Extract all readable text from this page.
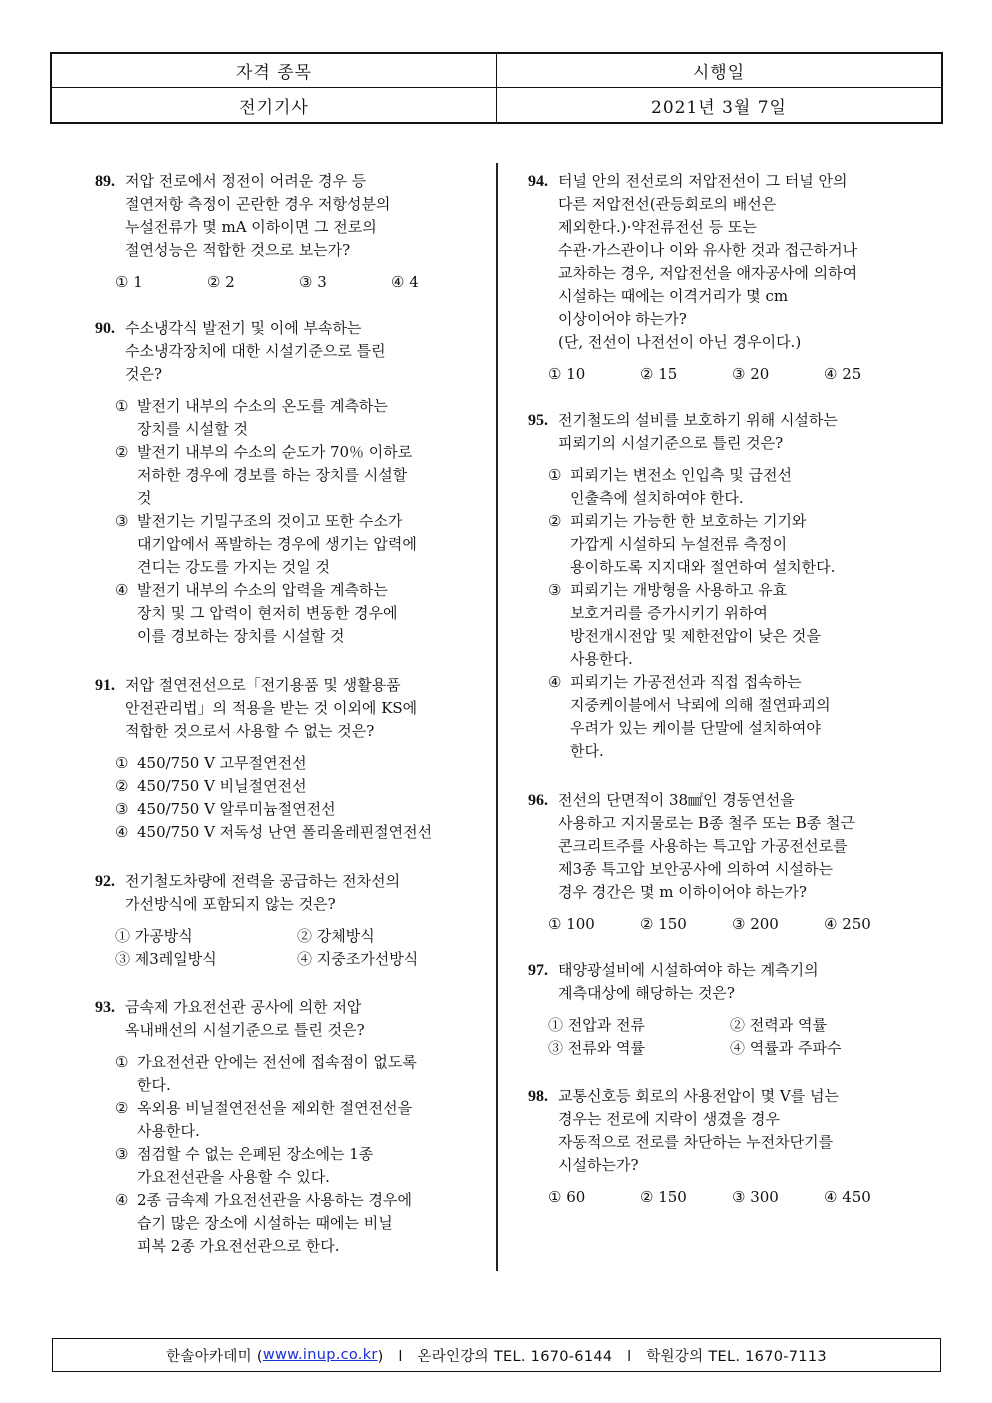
자격 종목	시행일
전기기사	2021년 3월 7일
89. 저압 전로에서 정전이 어려운 경우 등
절연저항 측정이 곤란한 경우 저항성분의
누설전류가 몇 mA 이하이면 그 전로의
절연성능은 적합한 것으로 보는가?
① 1	② 2	③ 3	④ 4
90. 수소냉각식 발전기 및 이에 부속하는
수소냉각장치에 대한 시설기준으로 틀린
것은?
① 발전기 내부의 수소의 온도를 계측하는
장치를 시설할 것
② 발전기 내부의 수소의 순도가 70％ 이하로
저하한 경우에 경보를 하는 장치를 시설할
것
③ 발전기는 기밀구조의 것이고 또한 수소가
대기압에서 폭발하는 경우에 생기는 압력에
견디는 강도를 가지는 것일 것
④ 발전기 내부의 수소의 압력을 계측하는
장치 및 그 압력이 현저히 변동한 경우에
이를 경보하는 장치를 시설할 것
91. 저압 절연전선으로「전기용품 및 생활용품
안전관리법」의 적용을 받는 것 이외에 KS에
적합한 것으로서 사용할 수 없는 것은?
① 450/750 V 고무절연전선
② 450/750 V 비닐절연전선
③ 450/750 V 알루미늄절연전선
④ 450/750 V 저독성 난연 폴리올레핀절연전선
92. 전기철도차량에 전력을 공급하는 전차선의
가선방식에 포함되지 않는 것은?
① 가공방식	② 강체방식
③ 제3레일방식	④ 지중조가선방식
93. 금속제 가요전선관 공사에 의한 저압
옥내배선의 시설기준으로 틀린 것은?
① 가요전선관 안에는 전선에 접속점이 없도록
한다.
② 옥외용 비닐절연전선을 제외한 절연전선을
사용한다.
③ 점검할 수 없는 은폐된 장소에는 1종
가요전선관을 사용할 수 있다.
④ 2종 금속제 가요전선관을 사용하는 경우에
습기 많은 장소에 시설하는 때에는 비닐
피복 2종 가요전선관으로 한다.
94. 터널 안의 전선로의 저압전선이 그 터널 안의
다른 저압전선(관등회로의 배선은
제외한다.)·약전류전선 등 또는
수관·가스관이나 이와 유사한 것과 접근하거나
교차하는 경우, 저압전선을 애자공사에 의하여
시설하는 때에는 이격거리가 몇 cm
이상이어야 하는가?
(단, 전선이 나전선이 아닌 경우이다.)
① 10	② 15	③ 20	④ 25
95. 전기철도의 설비를 보호하기 위해 시설하는
피뢰기의 시설기준으로 틀린 것은?
① 피뢰기는 변전소 인입측 및 급전선
인출측에 설치하여야 한다.
② 피뢰기는 가능한 한 보호하는 기기와
가깝게 시설하되 누설전류 측정이
용이하도록 지지대와 절연하여 설치한다.
③ 피뢰기는 개방형을 사용하고 유효
보호거리를 증가시키기 위하여
방전개시전압 및 제한전압이 낮은 것을
사용한다.
④ 피뢰기는 가공전선과 직접 접속하는
지중케이블에서 낙뢰에 의해 절연파괴의
우려가 있는 케이블 단말에 설치하여야
한다.
96. 전선의 단면적이 38㎟인 경동연선을
사용하고 지지물로는 B종 철주 또는 B종 철근
콘크리트주를 사용하는 특고압 가공전선로를
제3종 특고압 보안공사에 의하여 시설하는
경우 경간은 몇 m 이하이어야 하는가?
① 100	② 150	③ 200	④ 250
97. 태양광설비에 시설하여야 하는 계측기의
계측대상에 해당하는 것은?
① 전압과 전류	② 전력과 역률
③ 전류와 역률	④ 역률과 주파수
98. 교통신호등 회로의 사용전압이 몇 V를 넘는
경우는 전로에 지락이 생겼을 경우
자동적으로 전로를 차단하는 누전차단기를
시설하는가?
① 60	② 150	③ 300	④ 450
한솔아카데미 ( www.inup.co.kr )   l   온라인강의 TEL. 1670-6144   l   학원강의 TEL. 1670-7113
